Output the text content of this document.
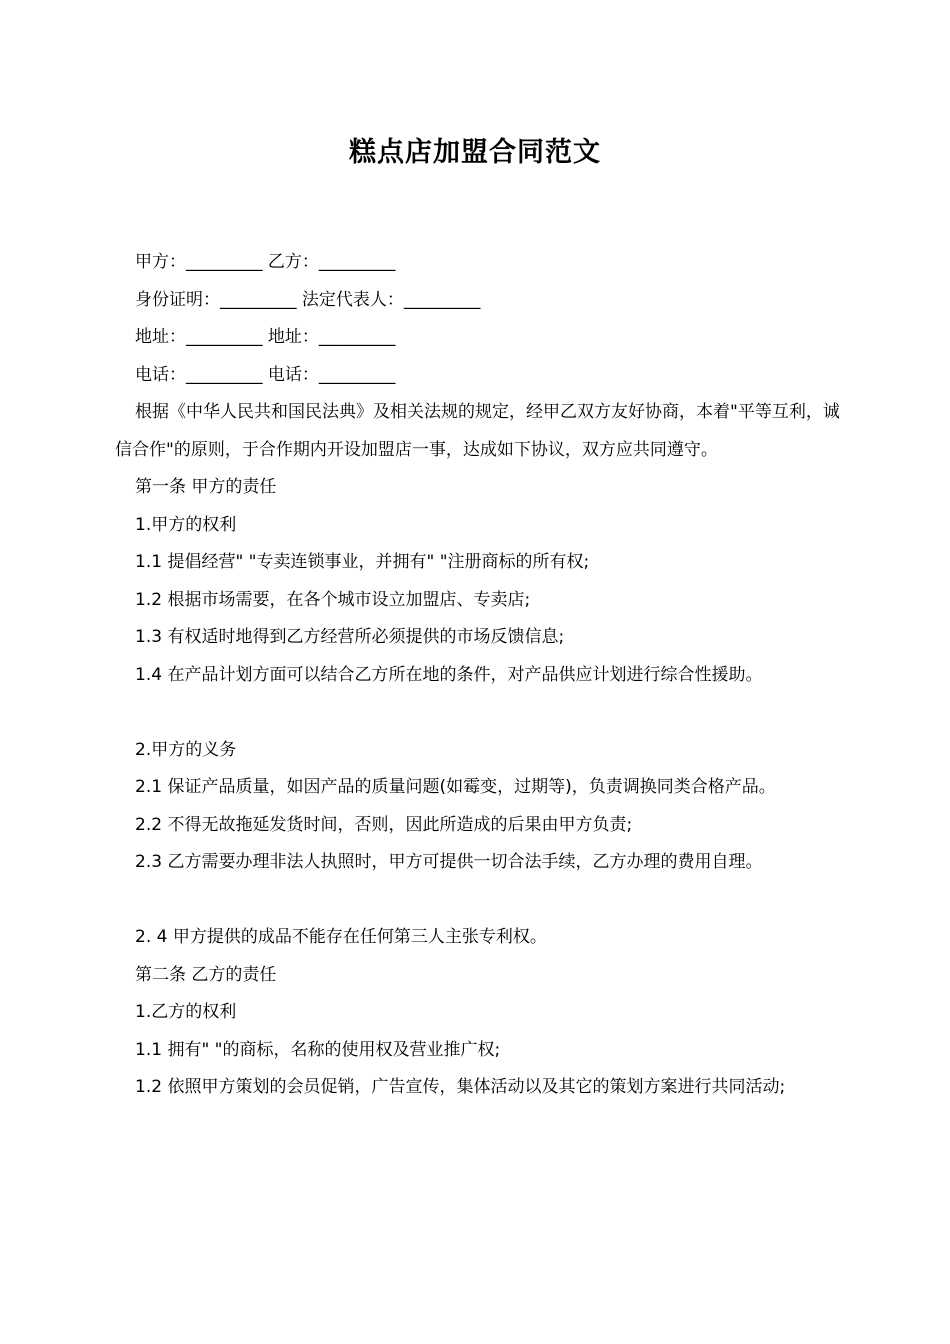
糕点店加盟合同范文
甲方：_________ 乙方：_________
身份证明：_________ 法定代表人：_________
地址：_________ 地址：_________
电话：_________ 电话：_________

根据《中华人民共和国民法典》及相关法规的规定，经甲乙双方友好协商，本着"平等互利，诚信合作"的原则，于合作期内开设加盟店一事，达成如下协议，双方应共同遵守。

第一条 甲方的责任
1.甲方的权利
1.1 提倡经营" "专卖连锁事业，并拥有" "注册商标的所有权;
1.2 根据市场需要，在各个城市设立加盟店、专卖店;
1.3 有权适时地得到乙方经营所必须提供的市场反馈信息;
1.4 在产品计划方面可以结合乙方所在地的条件，对产品供应计划进行综合性援助。
2.甲方的义务

2.1 保证产品质量，如因产品的质量问题(如霉变，过期等)，负责调换同类合格产品。

2.2 不得无故拖延发货时间，否则，因此所造成的后果由甲方负责;
2.3 乙方需要办理非法人执照时，甲方可提供一切合法手续，乙方办理的费用自理。
2. 4 甲方提供的成品不能存在任何第三人主张专利权。
第二条 乙方的责任
1.乙方的权利
1.1 拥有" "的商标，名称的使用权及营业推广权;

1.2 依照甲方策划的会员促销，广告宣传，集体活动以及其它的策划方案进行共同活动;
